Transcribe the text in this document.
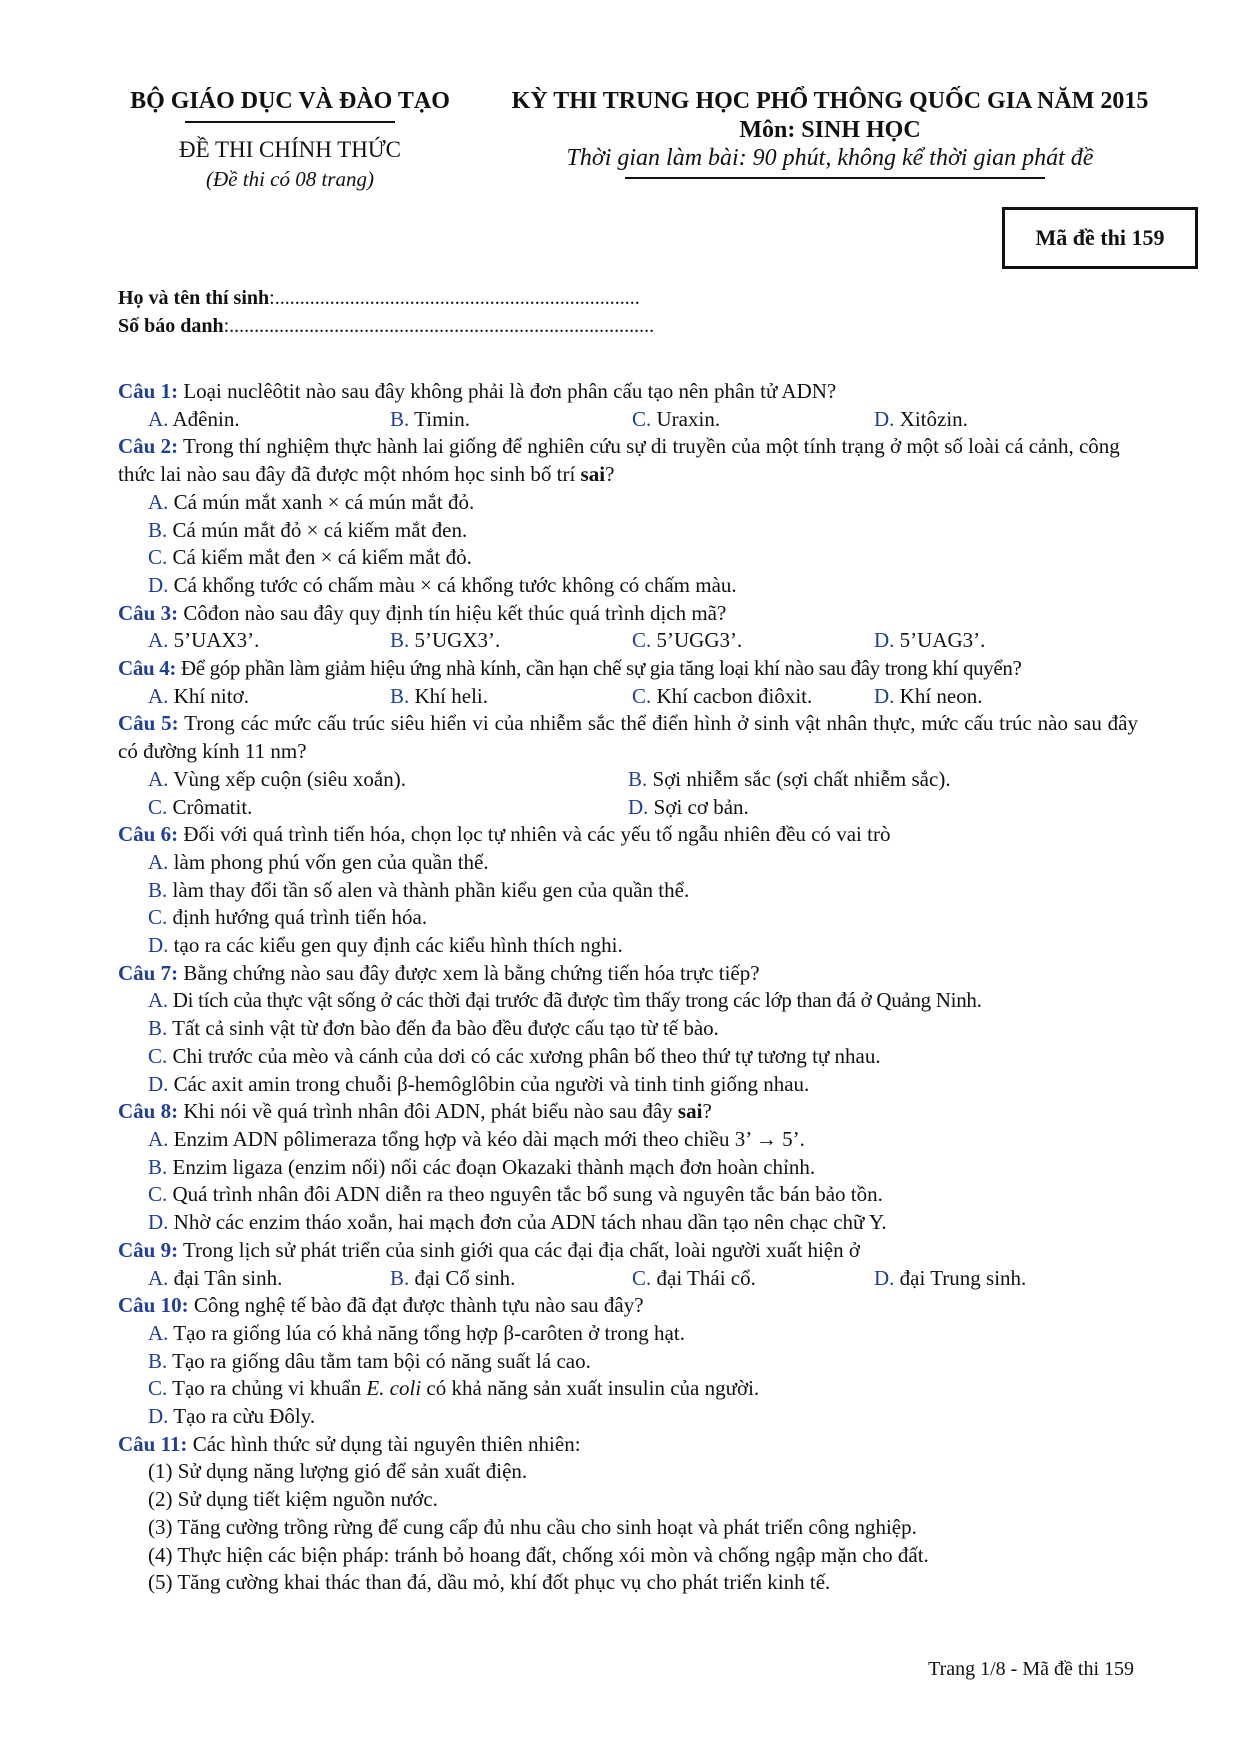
BỘ GIÁO DỤC VÀ ĐÀO TẠO
ĐỀ THI CHÍNH THỨC
(Đề thi có 08 trang)
KỲ THI TRUNG HỌC PHỔ THÔNG QUỐC GIA NĂM 2015
Môn: SINH HỌC
Thời gian làm bài: 90 phút, không kể thời gian phát đề
Mã đề thi 159
Họ và tên thí sinh:.........................................................................
Số báo danh:.....................................................................................
Câu 1: Loại nuclêôtit nào sau đây không phải là đơn phân cấu tạo nên phân tử ADN?
A. Ađênin.	B. Timin.	C. Uraxin.	D. Xitôzin.
Câu 2: Trong thí nghiệm thực hành lai giống để nghiên cứu sự di truyền của một tính trạng ở một số loài cá cảnh, công thức lai nào sau đây đã được một nhóm học sinh bố trí sai?
A. Cá mún mắt xanh × cá mún mắt đỏ.
B. Cá mún mắt đỏ × cá kiếm mắt đen.
C. Cá kiếm mắt đen × cá kiếm mắt đỏ.
D. Cá khổng tước có chấm màu × cá khổng tước không có chấm màu.
Câu 3: Côđon nào sau đây quy định tín hiệu kết thúc quá trình dịch mã?
A. 5’UAX3’.	B. 5’UGX3’.	C. 5’UGG3’.	D. 5’UAG3’.
Câu 4: Để góp phần làm giảm hiệu ứng nhà kính, cần hạn chế sự gia tăng loại khí nào sau đây trong khí quyển?
A. Khí nitơ.	B. Khí heli.	C. Khí cacbon điôxit.	D. Khí neon.
Câu 5: Trong các mức cấu trúc siêu hiển vi của nhiễm sắc thể điển hình ở sinh vật nhân thực, mức cấu trúc nào sau đây có đường kính 11 nm?
A. Vùng xếp cuộn (siêu xoắn).	B. Sợi nhiễm sắc (sợi chất nhiễm sắc).
C. Crômatit.	D. Sợi cơ bản.
Câu 6: Đối với quá trình tiến hóa, chọn lọc tự nhiên và các yếu tố ngẫu nhiên đều có vai trò
A. làm phong phú vốn gen của quần thể.
B. làm thay đổi tần số alen và thành phần kiểu gen của quần thể.
C. định hướng quá trình tiến hóa.
D. tạo ra các kiểu gen quy định các kiểu hình thích nghi.
Câu 7: Bằng chứng nào sau đây được xem là bằng chứng tiến hóa trực tiếp?
A. Di tích của thực vật sống ở các thời đại trước đã được tìm thấy trong các lớp than đá ở Quảng Ninh.
B. Tất cả sinh vật từ đơn bào đến đa bào đều được cấu tạo từ tế bào.
C. Chi trước của mèo và cánh của dơi có các xương phân bố theo thứ tự tương tự nhau.
D. Các axit amin trong chuỗi β-hemôglôbin của người và tinh tinh giống nhau.
Câu 8: Khi nói về quá trình nhân đôi ADN, phát biểu nào sau đây sai?
A. Enzim ADN pôlimeraza tổng hợp và kéo dài mạch mới theo chiều 3’ → 5’.
B. Enzim ligaza (enzim nối) nối các đoạn Okazaki thành mạch đơn hoàn chỉnh.
C. Quá trình nhân đôi ADN diễn ra theo nguyên tắc bổ sung và nguyên tắc bán bảo tồn.
D. Nhờ các enzim tháo xoắn, hai mạch đơn của ADN tách nhau dần tạo nên chạc chữ Y.
Câu 9: Trong lịch sử phát triển của sinh giới qua các đại địa chất, loài người xuất hiện ở
A. đại Tân sinh.	B. đại Cổ sinh.	C. đại Thái cổ.	D. đại Trung sinh.
Câu 10: Công nghệ tế bào đã đạt được thành tựu nào sau đây?
A. Tạo ra giống lúa có khả năng tổng hợp β-carôten ở trong hạt.
B. Tạo ra giống dâu tằm tam bội có năng suất lá cao.
C. Tạo ra chủng vi khuẩn E. coli có khả năng sản xuất insulin của người.
D. Tạo ra cừu Đôly.
Câu 11: Các hình thức sử dụng tài nguyên thiên nhiên:
(1) Sử dụng năng lượng gió để sản xuất điện.
(2) Sử dụng tiết kiệm nguồn nước.
(3) Tăng cường trồng rừng để cung cấp đủ nhu cầu cho sinh hoạt và phát triển công nghiệp.
(4) Thực hiện các biện pháp: tránh bỏ hoang đất, chống xói mòn và chống ngập mặn cho đất.
(5) Tăng cường khai thác than đá, dầu mỏ, khí đốt phục vụ cho phát triển kinh tế.
Trang 1/8 - Mã đề thi 159
